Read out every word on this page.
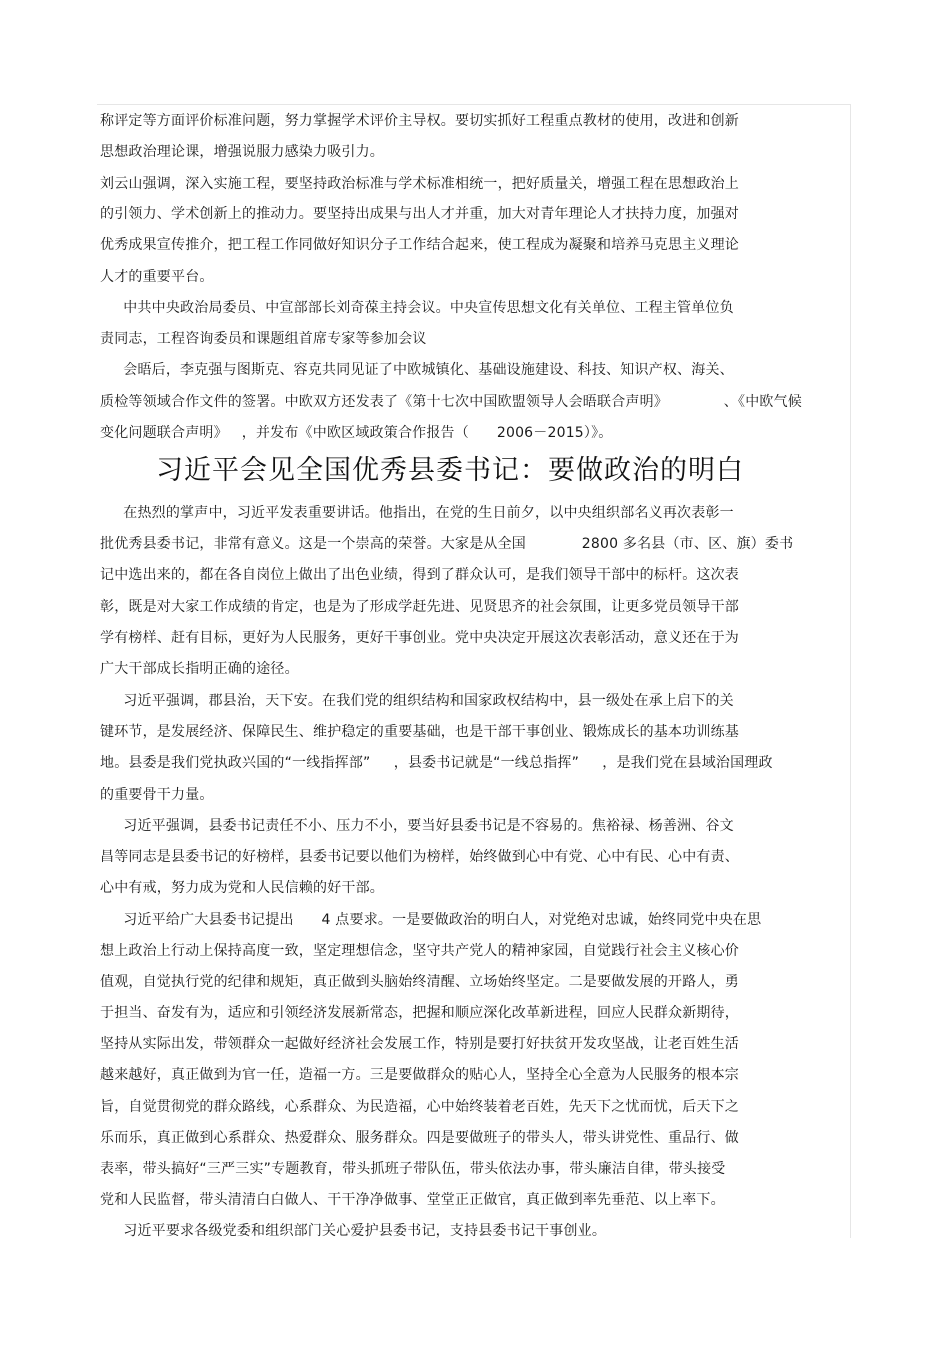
称评定等方面评价标准问题，努力掌握学术评价主导权。要切实抓好工程重点教材的使用，改进和创新
思想政治理论课，增强说服力感染力吸引力。
刘云山强调，深入实施工程，要坚持政治标准与学术标准相统一，把好质量关，增强工程在思想政治上
的引领力、学术创新上的推动力。要坚持出成果与出人才并重，加大对青年理论人才扶持力度，加强对
优秀成果宣传推介，把工程工作同做好知识分子工作结合起来，使工程成为凝聚和培养马克思主义理论
人才的重要平台。
中共中央政治局委员、中宣部部长刘奇葆主持会议。中央宣传思想文化有关单位、工程主管单位负
责同志，工程咨询委员和课题组首席专家等参加会议
会晤后，李克强与图斯克、容克共同见证了中欧城镇化、基础设施建设、科技、知识产权、海关、
质检等领域合作文件的签署。中欧双方还发表了《第十七次中国欧盟领导人会晤联合声明》            、《中欧气候
变化问题联合声明》   ，并发布《中欧区域政策合作报告（      2006－2015）》。
习近平会见全国优秀县委书记：要做政治的明白
在热烈的掌声中，习近平发表重要讲话。他指出，在党的生日前夕，以中央组织部名义再次表彰一
批优秀县委书记，非常有意义。这是一个崇高的荣誉。大家是从全国            2800 多名县（市、区、旗）委书
记中选出来的，都在各自岗位上做出了出色业绩，得到了群众认可，是我们领导干部中的标杆。这次表
彰，既是对大家工作成绩的肯定，也是为了形成学赶先进、见贤思齐的社会氛围，让更多党员领导干部
学有榜样、赶有目标，更好为人民服务，更好干事创业。党中央决定开展这次表彰活动，意义还在于为
广大干部成长指明正确的途径。
习近平强调，郡县治，天下安。在我们党的组织结构和国家政权结构中，县一级处在承上启下的关
键环节，是发展经济、保障民生、维护稳定的重要基础，也是干部干事创业、锻炼成长的基本功训练基
地。县委是我们党执政兴国的“一线指挥部”     ，县委书记就是“一线总指挥”     ，是我们党在县域治国理政
的重要骨干力量。
习近平强调，县委书记责任不小、压力不小，要当好县委书记是不容易的。焦裕禄、杨善洲、谷文
昌等同志是县委书记的好榜样，县委书记要以他们为榜样，始终做到心中有党、心中有民、心中有责、
心中有戒，努力成为党和人民信赖的好干部。
习近平给广大县委书记提出      4 点要求。一是要做政治的明白人，对党绝对忠诚，始终同党中央在思
想上政治上行动上保持高度一致，坚定理想信念，坚守共产党人的精神家园，自觉践行社会主义核心价
值观，自觉执行党的纪律和规矩，真正做到头脑始终清醒、立场始终坚定。二是要做发展的开路人，勇
于担当、奋发有为，适应和引领经济发展新常态，把握和顺应深化改革新进程，回应人民群众新期待，
坚持从实际出发，带领群众一起做好经济社会发展工作，特别是要打好扶贫开发攻坚战，让老百姓生活
越来越好，真正做到为官一任，造福一方。三是要做群众的贴心人，坚持全心全意为人民服务的根本宗
旨，自觉贯彻党的群众路线，心系群众、为民造福，心中始终装着老百姓，先天下之忧而忧，后天下之
乐而乐，真正做到心系群众、热爱群众、服务群众。四是要做班子的带头人，带头讲党性、重品行、做
表率，带头搞好“三严三实”专题教育，带头抓班子带队伍，带头依法办事，带头廉洁自律，带头接受
党和人民监督，带头清清白白做人、干干净净做事、堂堂正正做官，真正做到率先垂范、以上率下。
习近平要求各级党委和组织部门关心爱护县委书记，支持县委书记干事创业。
